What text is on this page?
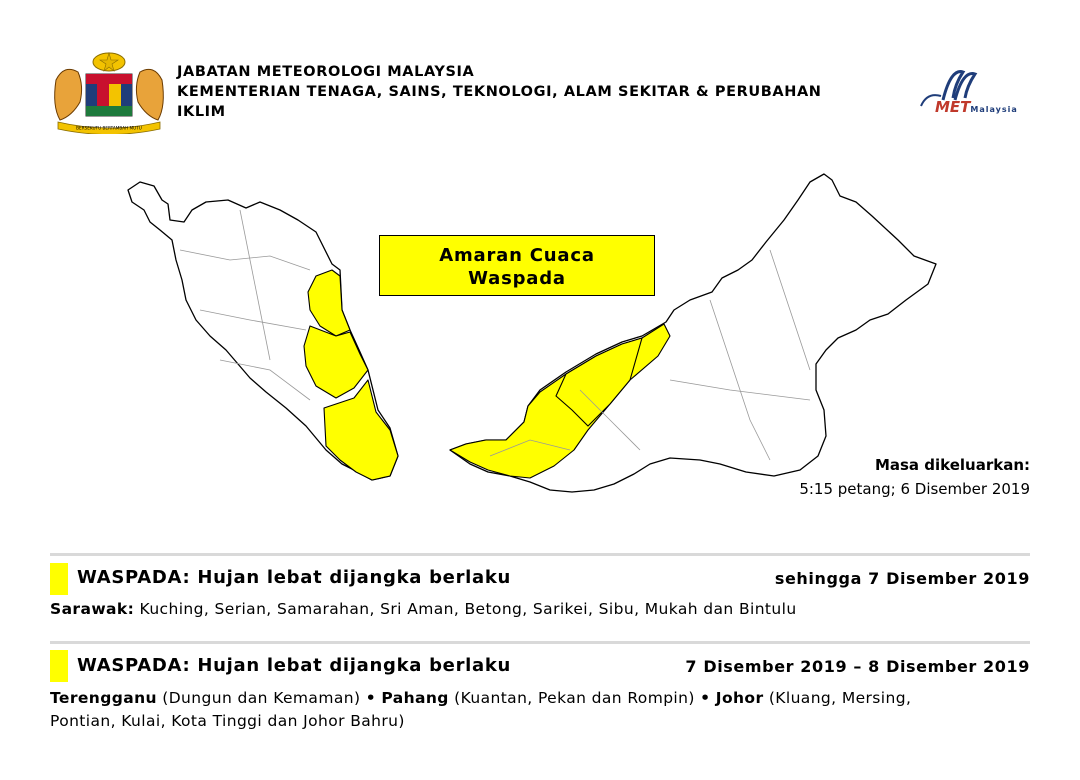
BERSEKUTU BERTAMBAH MUTU
JABATAN METEOROLOGI MALAYSIA
KEMENTERIAN TENAGA, SAINS, TEKNOLOGI, ALAM SEKITAR & PERUBAHAN
IKLIM	METMalaysia
Amaran Cuaca
Waspada
Masa dikeluarkan:
5:15 petang; 6 Disember 2019
WASPADA: Hujan lebat dijangka berlaku	sehingga 7 Disember 2019
Sarawak: Kuching, Serian, Samarahan, Sri Aman, Betong, Sarikei, Sibu, Mukah dan Bintulu
WASPADA: Hujan lebat dijangka berlaku	7 Disember 2019 – 8 Disember 2019
Terengganu (Dungun dan Kemaman) • Pahang (Kuantan, Pekan dan Rompin) • Johor (Kluang, Mersing,
Pontian, Kulai, Kota Tinggi dan Johor Bahru)
